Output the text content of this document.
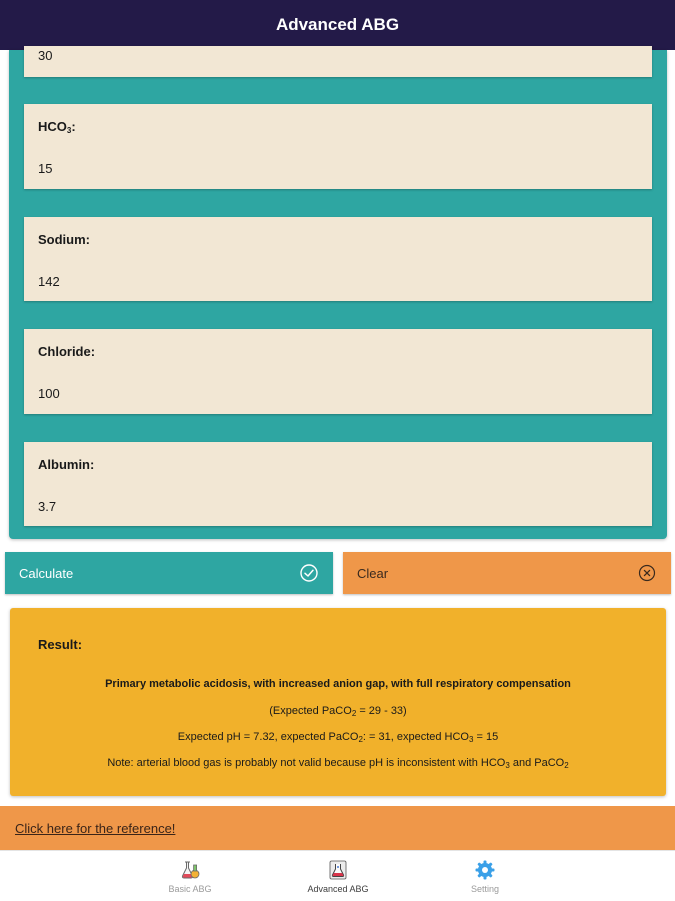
Advanced ABG
30
$HCO_3$:
15
Sodium:
142
Chloride:
100
Albumin:
3.7
Calculate	Clear
Result:
Primary metabolic acidosis, with increased anion gap, with full respiratory compensation
(Expected PaCO$_2$ = 29 - 33)
Expected pH = 7.32, expected PaCO$_2$: = 31, expected $HCO_3 = 15$
Note: arterial blood gas is probably not valid because pH is inconsistent with $HCO_3$ and PaCO$_2$
Click here for the reference!
Basic ABG	Advanced ABG	Setting
